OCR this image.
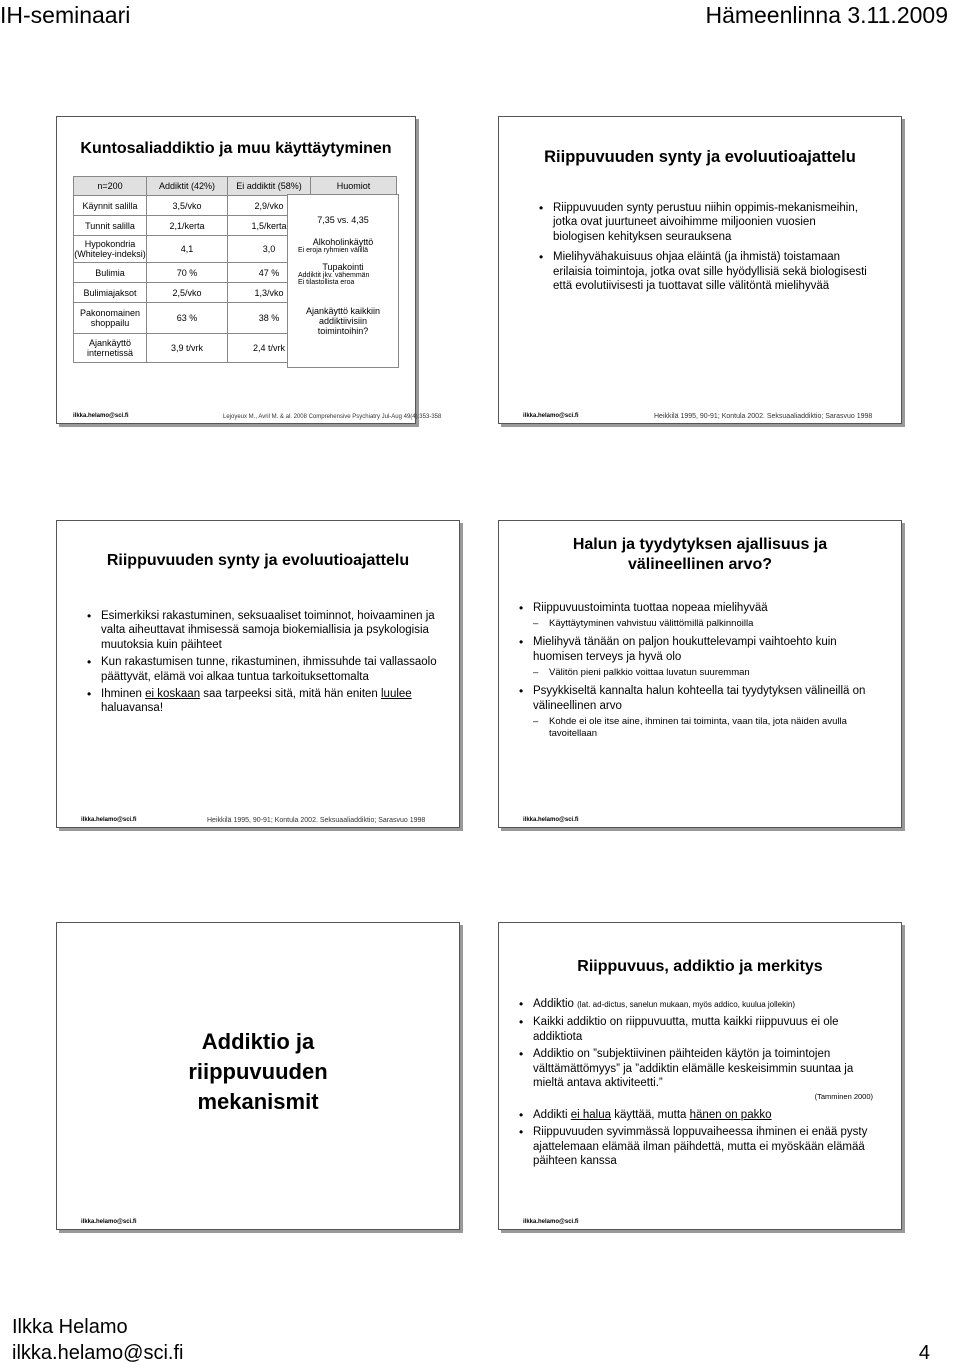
IH-seminaari	Hämeenlinna 3.11.2009
Kuntosaliaddiktio ja muu käyttäytyminen
n=200	Addiktit (42%)	Ei addiktit (58%)	Huomiot
Käynnit salilla	3,5/vko	2,9/vko	
Tunnit salilla	2,1/kerta	1,5/kerta	
Hypokondria (Whiteley-indeksi)	4,1	3,0	
Bulimia	70 %	47 %	
Bulimiajaksot	2,5/vko	1,3/vko	
Pakonomainen shoppailu	63 %	38 %	
Ajankäyttö internetissä	3,9 t/vrk	2,4 t/vrk	
7,35 vs. 4,35
Alkoholinkäyttö
Ei eroja ryhmien välillä
Tupakointi
Addiktit jkv. vähemmän
Ei tilastollista eroa
Ajankäyttö kaikkiin addiktiivisiin toimintoihin?
ilkka.helamo@sci.fi	Lejoyeux M., Avril M. & al. 2008 Comprehensive Psychiatry Jul-Aug 49(4):353-358
Riippuvuuden synty ja evoluutioajattelu
• Riippuvuuden synty perustuu niihin oppimis-mekanismeihin, jotka ovat juurtuneet aivoihimme miljoonien vuosien biologisen kehityksen seurauksena
• Mielihyvähakuisuus ohjaa eläintä (ja ihmistä) toistamaan erilaisia toimintoja, jotka ovat sille hyödyllisiä sekä biologisesti että evolutiivisesti ja tuottavat sille välitöntä mielihyvää
ilkka.helamo@sci.fi	Heikkilä 1995, 90-91; Kontula 2002. Seksuaaliaddiktio; Sarasvuo 1998
Riippuvuuden synty ja evoluutioajattelu
• Esimerkiksi rakastuminen, seksuaaliset toiminnot, hoivaaminen ja valta aiheuttavat ihmisessä samoja biokemiallisia ja psykologisia muutoksia kuin päihteet
• Kun rakastumisen tunne, rikastuminen, ihmissuhde tai vallassaolo päättyvät, elämä voi alkaa tuntua tarkoituksettomalta
• Ihminen ei koskaan saa tarpeeksi sitä, mitä hän eniten luulee haluavansa!
ilkka.helamo@sci.fi	Heikkilä 1995, 90-91; Kontula 2002. Seksuaaliaddiktio; Sarasvuo 1998
Halun ja tyydytyksen ajallisuus ja välineellinen arvo?
• Riippuvuustoiminta tuottaa nopeaa mielihyvää
– Käyttäytyminen vahvistuu välittömillä palkinnoilla
• Mielihyvä tänään on paljon houkuttelevampi vaihtoehto kuin huomisen terveys ja hyvä olo
– Välitön pieni palkkio voittaa luvatun suuremman
• Psyykkiseltä kannalta halun kohteella tai tyydytyksen välineillä on välineellinen arvo
– Kohde ei ole itse aine, ihminen tai toiminta, vaan tila, jota näiden avulla tavoitellaan
ilkka.helamo@sci.fi
Addiktio ja riippuvuuden mekanismit
ilkka.helamo@sci.fi
Riippuvuus, addiktio ja merkitys
• Addiktio (lat. ad-dictus, sanelun mukaan, myös addico, kuulua jollekin)
• Kaikki addiktio on riippuvuutta, mutta kaikki riippuvuus ei ole addiktiota
• Addiktio on ”subjektiivinen päihteiden käytön ja toimintojen välttämättömyys” ja ”addiktin elämälle keskeisimmin suuntaa ja mieltä antava aktiviteetti.”
(Tamminen 2000)
• Addikti ei halua käyttää, mutta hänen on pakko
• Riippuvuuden syvimmässä loppuvaiheessa ihminen ei enää pysty ajattelemaan elämää ilman päihdettä, mutta ei myöskään elämää päihteen kanssa
ilkka.helamo@sci.fi
Ilkka Helamo
ilkka.helamo@sci.fi	4
